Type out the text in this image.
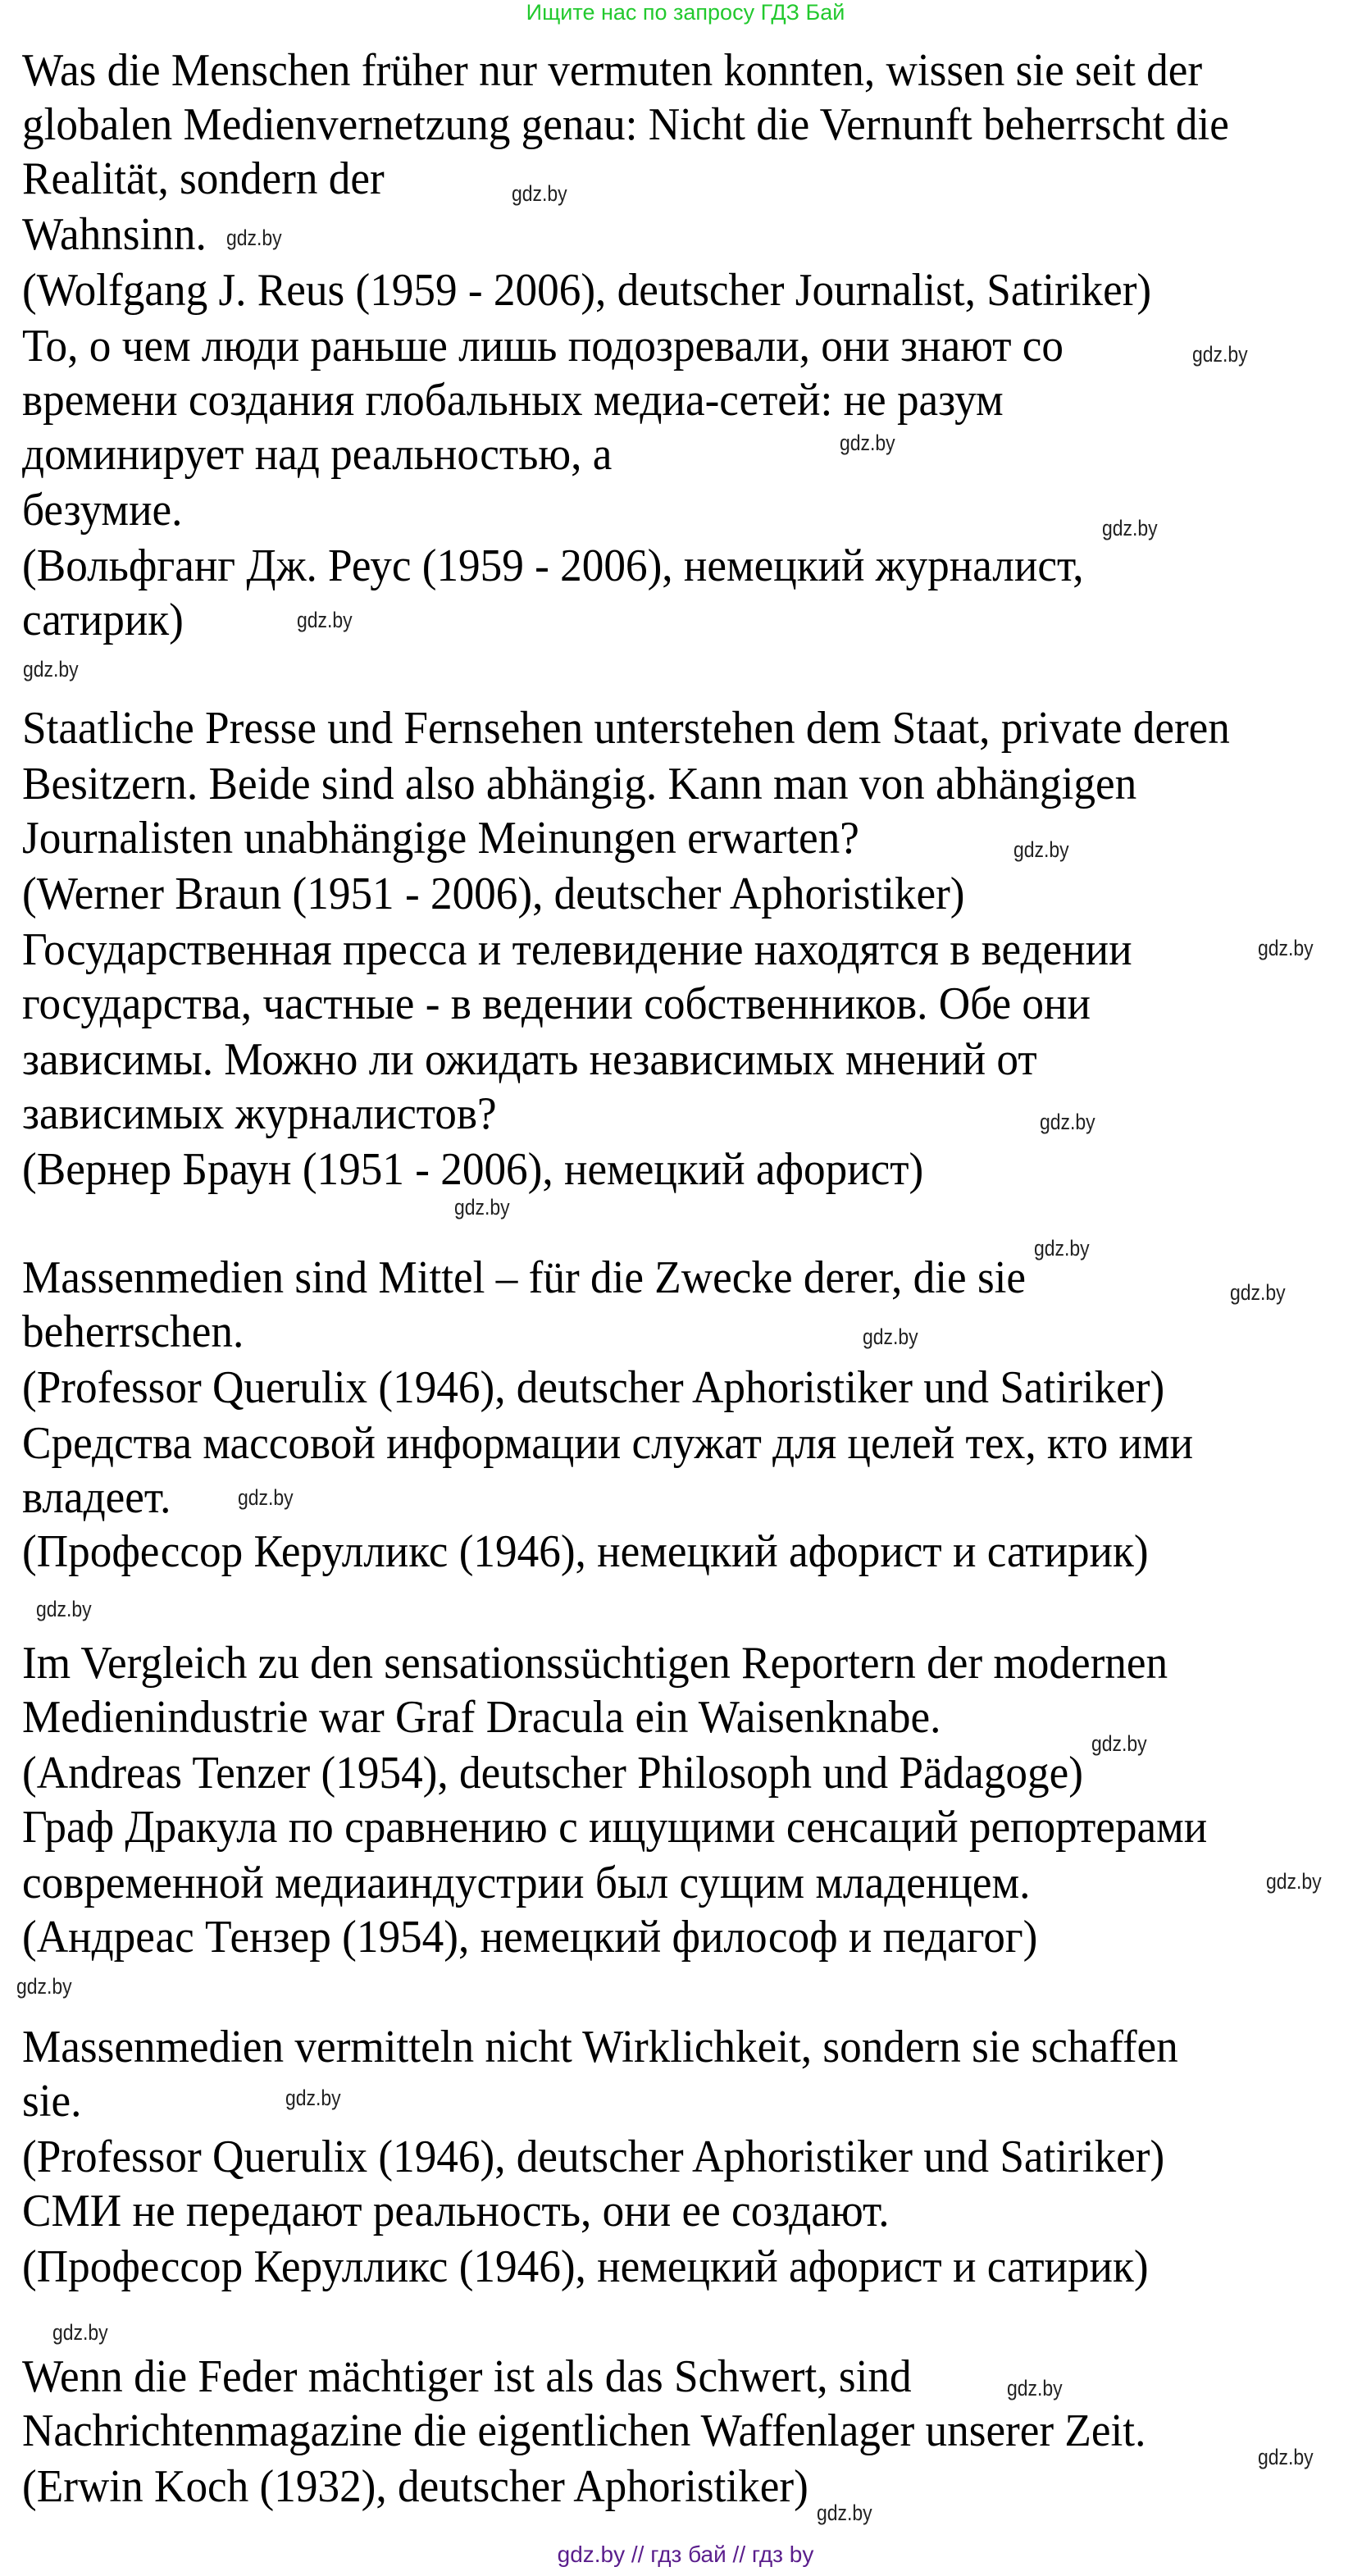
Ищите нас по запросу ГДЗ Бай
Was die Menschen früher nur vermuten konnten, wissen sie seit der
globalen Medienvernetzung genau: Nicht die Vernunft beherrscht die
Realität, sondern der
Wahnsinn.
(Wolfgang J. Reus (1959 - 2006), deutscher Journalist, Satiriker)
То, о чем люди раньше лишь подозревали, они знают со
времени создания глобальных медиа-сетей: не разум
доминирует над реальностью, а
безумие.
(Вольфганг Дж. Реус (1959 - 2006), немецкий журналист,
сатирик)
Staatliche Presse und Fernsehen unterstehen dem Staat, private deren
Besitzern. Beide sind also abhängig. Kann man von abhängigen
Journalisten unabhängige Meinungen erwarten?
(Werner Braun (1951 - 2006), deutscher Aphoristiker)
Государственная пресса и телевидение находятся в ведении
государства, частные - в ведении собственников. Обе они
зависимы. Можно ли ожидать независимых мнений от
зависимых журналистов?
(Вернер Браун (1951 - 2006), немецкий афорист)
Massenmedien sind Mittel – für die Zwecke derer, die sie
beherrschen.
(Professor Querulix (1946), deutscher Aphoristiker und Satiriker)
Средства массовой информации служат для целей тех, кто ими
владеет.
(Профессор Керулликс (1946), немецкий афорист и сатирик)
Im Vergleich zu den sensationssüchtigen Reportern der modernen
Medienindustrie war Graf Dracula ein Waisenknabe.
(Andreas Tenzer (1954), deutscher Philosoph und Pädagoge)
Граф Дракула по сравнению с ищущими сенсаций репортерами
современной медиаиндустрии был сущим младенцем.
(Андреас Тензер (1954), немецкий философ и педагог)
Massenmedien vermitteln nicht Wirklichkeit, sondern sie schaffen
sie.
(Professor Querulix (1946), deutscher Aphoristiker und Satiriker)
СМИ не передают реальность, они ее создают.
(Профессор Керулликс (1946), немецкий афорист и сатирик)
Wenn die Feder mächtiger ist als das Schwert, sind
Nachrichtenmagazine die eigentlichen Waffenlager unserer Zeit.
(Erwin Koch (1932), deutscher Aphoristiker)
gdz.by
gdz.by
gdz.by
gdz.by
gdz.by
gdz.by
gdz.by
gdz.by
gdz.by
gdz.by
gdz.by
gdz.by
gdz.by
gdz.by
gdz.by
gdz.by
gdz.by
gdz.by
gdz.by
gdz.by
gdz.by
gdz.by
gdz.by
gdz.by
gdz.by // гдз бай // гдз by
